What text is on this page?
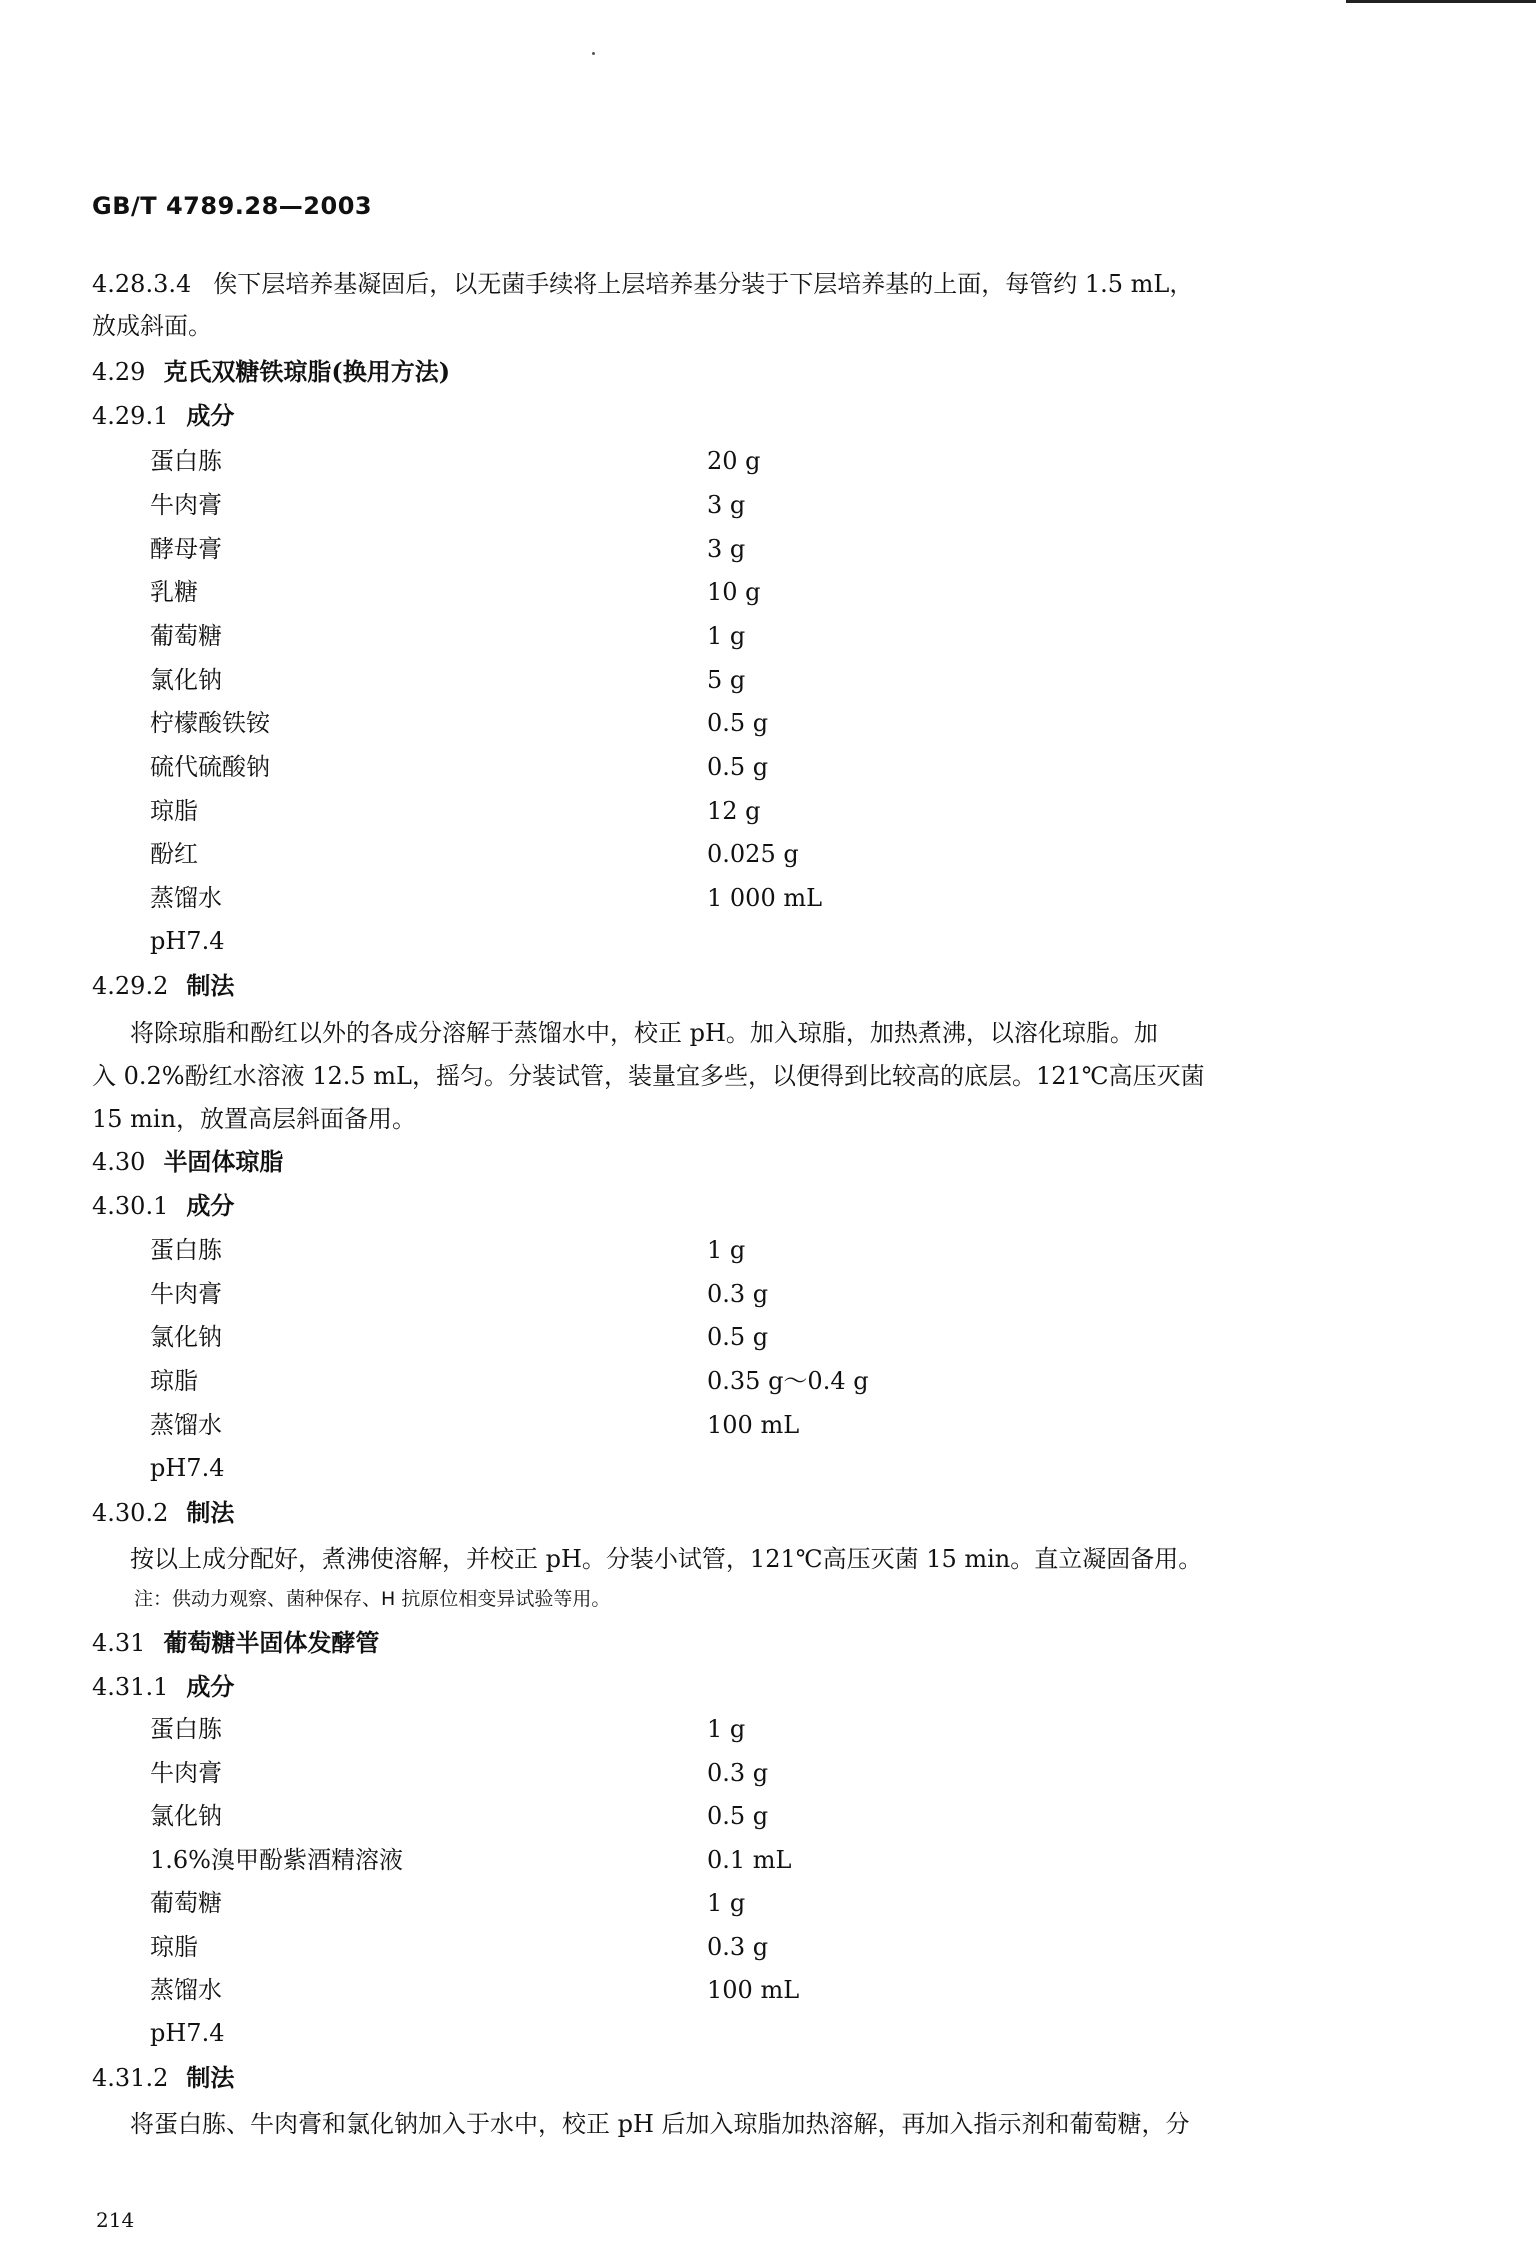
GB/T 4789.28—2003
4.28.3.4 俟下层培养基凝固后，以无菌手续将上层培养基分装于下层培养基的上面，每管约 1.5 mL，
放成斜面。
4.29 克氏双糖铁琼脂(换用方法)
4.29.1 成分
蛋白胨	20 g
牛肉膏	3 g
酵母膏	3 g
乳糖	10 g
葡萄糖	1 g
氯化钠	5 g
柠檬酸铁铵	0.5 g
硫代硫酸钠	0.5 g
琼脂	12 g
酚红	0.025 g
蒸馏水	1 000 mL
pH7.4
4.29.2 制法
将除琼脂和酚红以外的各成分溶解于蒸馏水中，校正 pH。加入琼脂，加热煮沸，以溶化琼脂。加
入 0.2%酚红水溶液 12.5 mL，摇匀。分装试管，装量宜多些，以便得到比较高的底层。121℃高压灭菌
15 min，放置高层斜面备用。
4.30 半固体琼脂
4.30.1 成分
蛋白胨	1 g
牛肉膏	0.3 g
氯化钠	0.5 g
琼脂	0.35 g～0.4 g
蒸馏水	100 mL
pH7.4
4.30.2 制法
按以上成分配好，煮沸使溶解，并校正 pH。分装小试管，121℃高压灭菌 15 min。直立凝固备用。
注：供动力观察、菌种保存、H 抗原位相变异试验等用。
4.31 葡萄糖半固体发酵管
4.31.1 成分
蛋白胨	1 g
牛肉膏	0.3 g
氯化钠	0.5 g
1.6%溴甲酚紫酒精溶液	0.1 mL
葡萄糖	1 g
琼脂	0.3 g
蒸馏水	100 mL
pH7.4
4.31.2 制法
将蛋白胨、牛肉膏和氯化钠加入于水中，校正 pH 后加入琼脂加热溶解，再加入指示剂和葡萄糖，分
214
